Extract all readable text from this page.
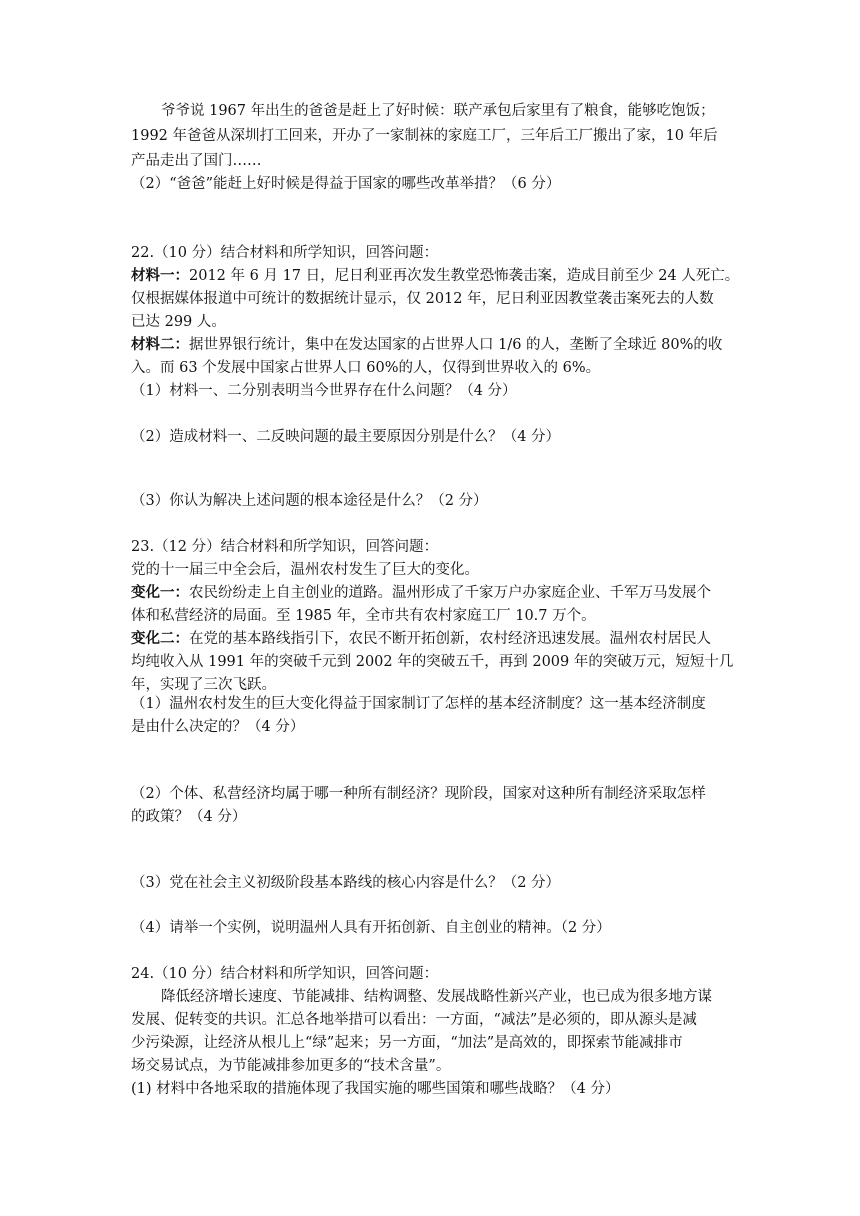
爷爷说 1967 年出生的爸爸是赶上了好时候：联产承包后家里有了粮食，能够吃饱饭；
1992 年爸爸从深圳打工回来，开办了一家制袜的家庭工厂，三年后工厂搬出了家，10 年后
产品走出了国门……
（2）“爸爸”能赶上好时候是得益于国家的哪些改革举措？（6 分）
22.（10 分）结合材料和所学知识，回答问题：
材料一：2012 年 6 月 17 日，尼日利亚再次发生教堂恐怖袭击案，造成目前至少 24 人死亡。
仅根据媒体报道中可统计的数据统计显示，仅 2012 年，尼日利亚因教堂袭击案死去的人数
已达 299 人。
材料二：据世界银行统计，集中在发达国家的占世界人口 1/6 的人，垄断了全球近 80%的收
入。而 63 个发展中国家占世界人口 60%的人，仅得到世界收入的 6%。
（1）材料一、二分别表明当今世界存在什么问题？（4 分）
（2）造成材料一、二反映问题的最主要原因分别是什么？（4 分）
（3）你认为解决上述问题的根本途径是什么？（2 分）
23.（12 分）结合材料和所学知识，回答问题：
党的十一届三中全会后，温州农村发生了巨大的变化。
变化一：农民纷纷走上自主创业的道路。温州形成了千家万户办家庭企业、千军万马发展个
体和私营经济的局面。至 1985 年，全市共有农村家庭工厂 10.7 万个。
变化二：在党的基本路线指引下，农民不断开拓创新，农村经济迅速发展。温州农村居民人
均纯收入从 1991 年的突破千元到 2002 年的突破五千，再到 2009 年的突破万元，短短十几
年，实现了三次飞跃。
（1）温州农村发生的巨大变化得益于国家制订了怎样的基本经济制度？这一基本经济制度
是由什么决定的？（4 分）
（2）个体、私营经济均属于哪一种所有制经济？现阶段，国家对这种所有制经济采取怎样
的政策？（4 分）
（3）党在社会主义初级阶段基本路线的核心内容是什么？（2 分）
（4）请举一个实例，说明温州人具有开拓创新、自主创业的精神。（2 分）
24.（10 分）结合材料和所学知识，回答问题：
降低经济增长速度、节能减排、结构调整、发展战略性新兴产业，也已成为很多地方谋
发展、促转变的共识。汇总各地举措可以看出：一方面，“减法”是必须的，即从源头是减
少污染源，让经济从根儿上“绿”起来；另一方面，“加法”是高效的，即探索节能减排市
场交易试点，为节能减排参加更多的“技术含量”。
(1) 材料中各地采取的措施体现了我国实施的哪些国策和哪些战略？（4 分）
